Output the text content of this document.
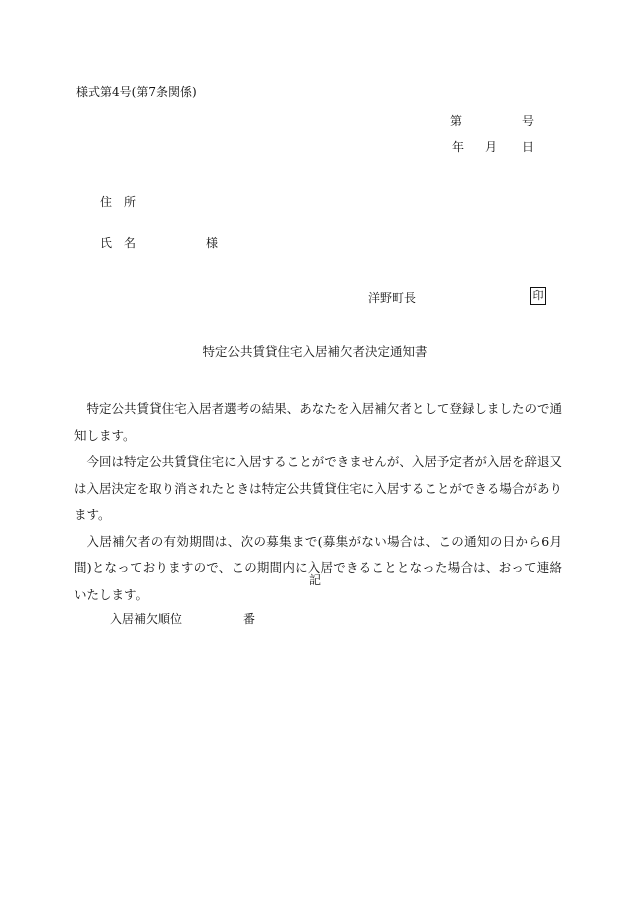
様式第4号(第7条関係)
第	号
年 月 日
住所
氏名	様
洋野町長	印
特定公共賃貸住宅入居補欠者決定通知書

特定公共賃貸住宅入居者選考の結果、あなたを入居補欠者として登録しましたので通知します。

今回は特定公共賃貸住宅に入居することができませんが、入居予定者が入居を辞退又は入居決定を取り消されたときは特定公共賃貸住宅に入居することができる場合があります。

入居補欠者の有効期間は、次の募集まで(募集がない場合は、この通知の日から6月間)となっておりますので、この期間内に入居できることとなった場合は、おって連絡いたします。

記
入居補欠順位	番
